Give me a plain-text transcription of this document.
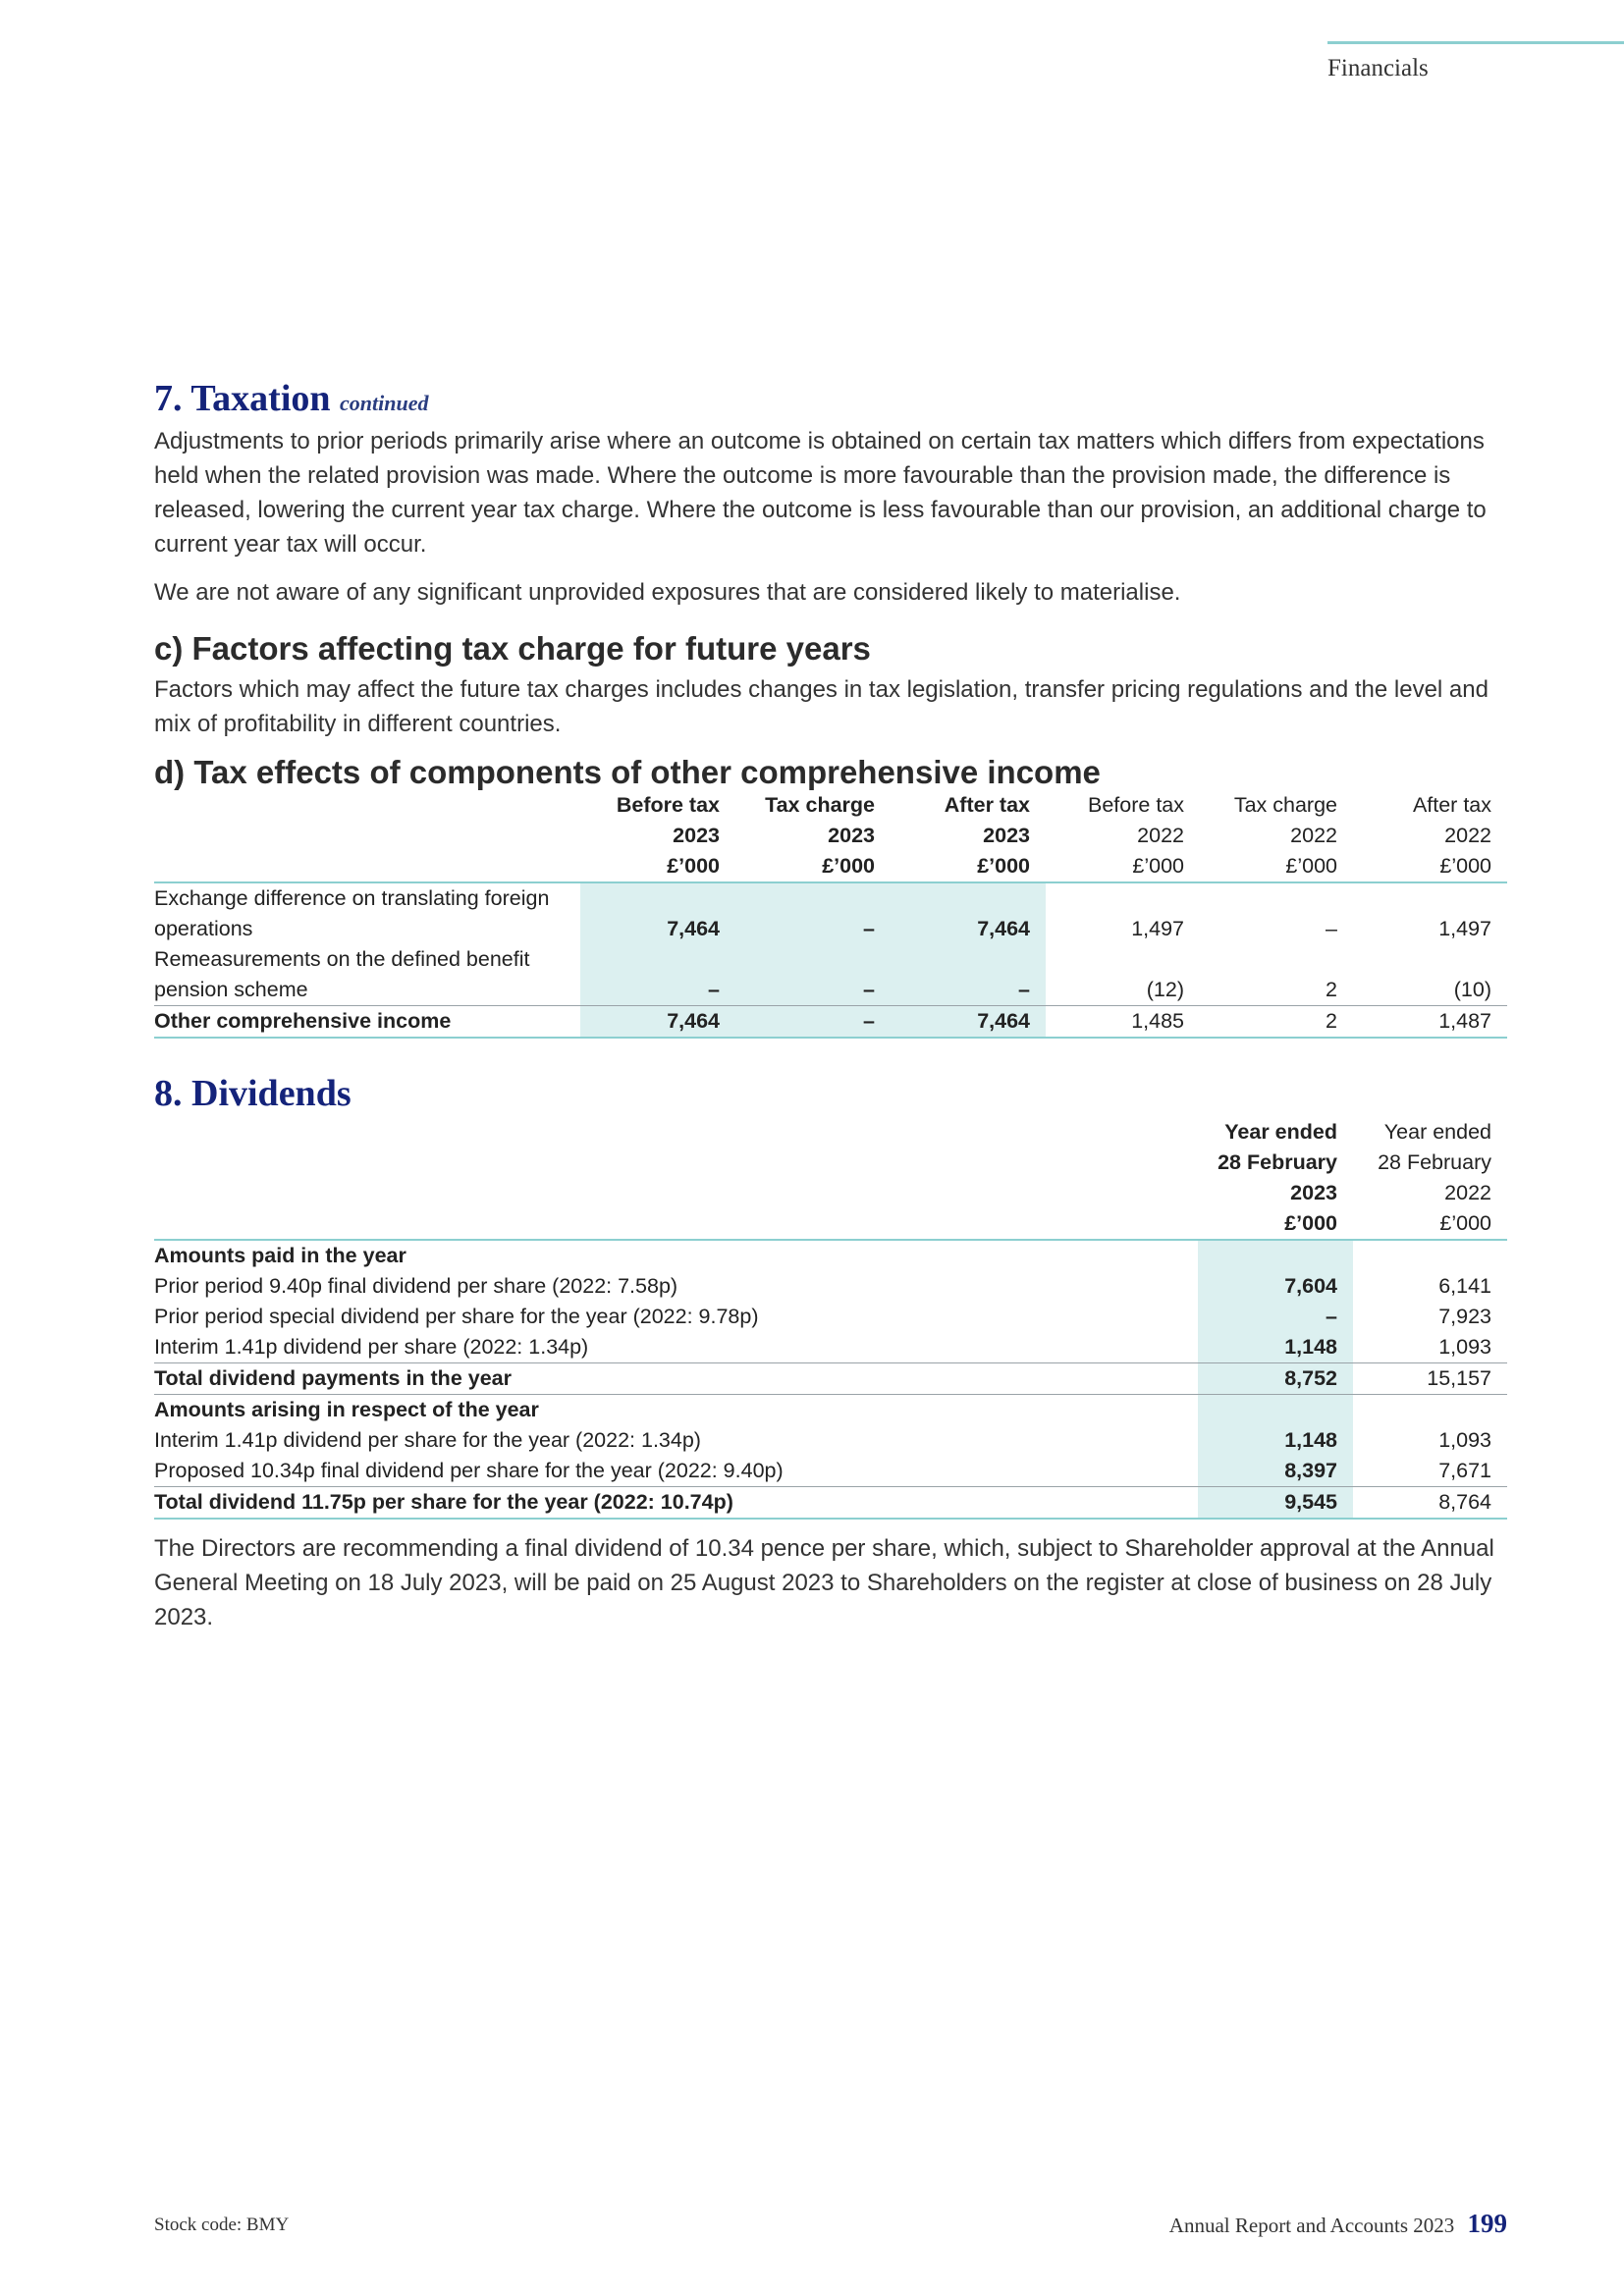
Financials
7. Taxation continued

Adjustments to prior periods primarily arise where an outcome is obtained on certain tax matters which differs from expectations held when the related provision was made. Where the outcome is more favourable than the provision made, the difference is released, lowering the current year tax charge. Where the outcome is less favourable than our provision, an additional charge to current year tax will occur.

We are not aware of any significant unprovided exposures that are considered likely to materialise.

c) Factors affecting tax charge for future years

Factors which may affect the future tax charges includes changes in tax legislation, transfer pricing regulations and the level and mix of profitability in different countries.

d) Tax effects of components of other comprehensive income
	Before tax	Tax charge	After tax	Before tax	Tax charge	After tax
	2023	2023	2023	2022	2022	2022
	£’000	£’000	£’000	£’000	£’000	£’000
Exchange difference on translating foreign						
operations	7,464	–	7,464	1,497	–	1,497
Remeasurements on the defined benefit						
pension scheme	–	–	–	(12)	2	(10)
Other comprehensive income	7,464	–	7,464	1,485	2	1,487
8. Dividends
	Year ended	Year ended
	28 February	28 February
	2023	2022
	£’000	£’000
Amounts paid in the year		
Prior period 9.40p final dividend per share (2022: 7.58p)	7,604	6,141
Prior period special dividend per share for the year (2022: 9.78p)	–	7,923
Interim 1.41p dividend per share (2022: 1.34p)	1,148	1,093
Total dividend payments in the year	8,752	15,157
Amounts arising in respect of the year		
Interim 1.41p dividend per share for the year (2022: 1.34p)	1,148	1,093
Proposed 10.34p final dividend per share for the year (2022: 9.40p)	8,397	7,671
Total dividend 11.75p per share for the year (2022: 10.74p)	9,545	8,764

The Directors are recommending a final dividend of 10.34 pence per share, which, subject to Shareholder approval at the Annual General Meeting on 18 July 2023, will be paid on 25 August 2023 to Shareholders on the register at close of business on 28 July 2023.

Stock code: BMY	Annual Report and Accounts 2023 199
